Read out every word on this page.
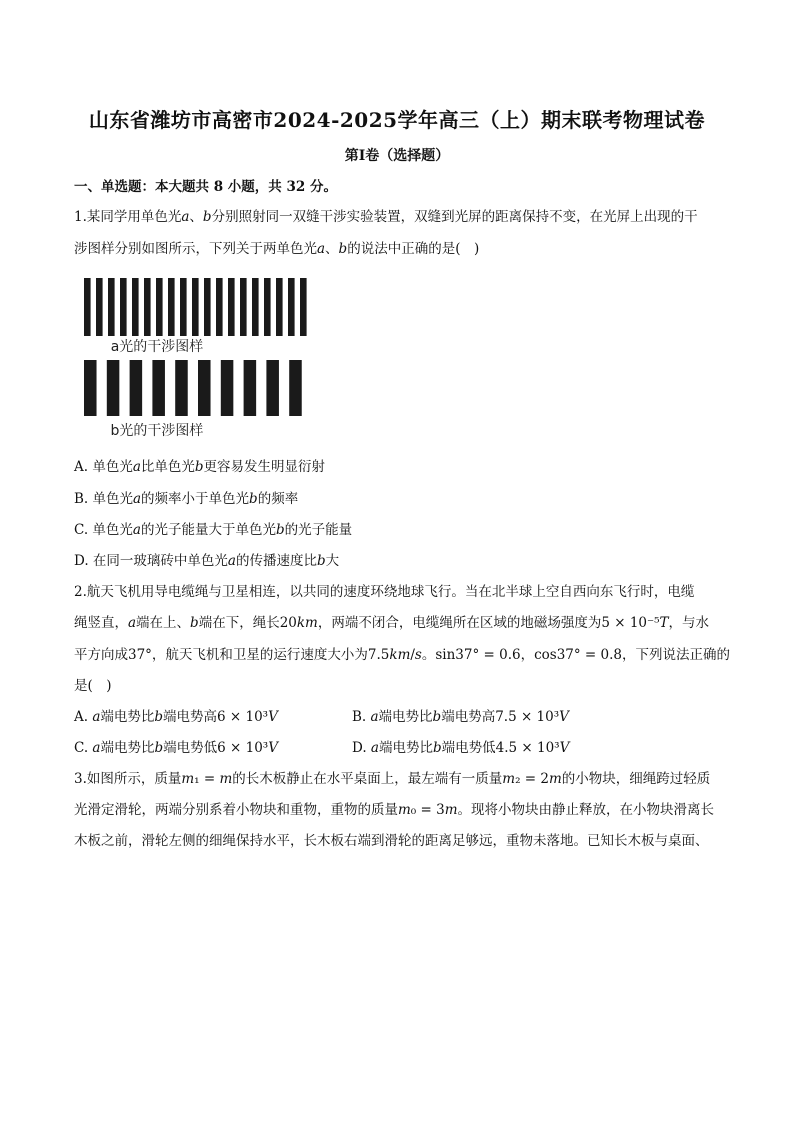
山东省潍坊市高密市2024-2025学年高三（上）期末联考物理试卷
第Ⅰ卷（选择题）
一、单选题：本大题共 8 小题，共 32 分。
1.某同学用单色光𝑎、𝑏分别照射同一双缝干涉实验装置，双缝到光屏的距离保持不变，在光屏上出现的干
涉图样分别如图所示，下列关于两单色光𝑎、𝑏的说法中正确的是(　)
a光的干涉图样
b光的干涉图样
A. 单色光𝑎比单色光𝑏更容易发生明显衍射
B. 单色光𝑎的频率小于单色光𝑏的频率
C. 单色光𝑎的光子能量大于单色光𝑏的光子能量
D. 在同一玻璃砖中单色光𝑎的传播速度比𝑏大
2.航天飞机用导电缆绳与卫星相连，以共同的速度环绕地球飞行。当在北半球上空自西向东飞行时，电缆
绳竖直，𝑎端在上、𝑏端在下，绳长20𝑘𝑚，两端不闭合，电缆绳所在区域的地磁场强度为5 × 10⁻⁵𝑇，与水
平方向成37°，航天飞机和卫星的运行速度大小为7.5𝑘𝑚/𝑠。sin37° = 0.6，cos37° = 0.8，下列说法正确的
是(　)
A. 𝑎端电势比𝑏端电势高6 × 10³𝑉	B. 𝑎端电势比𝑏端电势高7.5 × 10³𝑉
C. 𝑎端电势比𝑏端电势低6 × 10³𝑉	D. 𝑎端电势比𝑏端电势低4.5 × 10³𝑉
3.如图所示，质量𝑚₁ = 𝑚的长木板静止在水平桌面上，最左端有一质量𝑚₂ = 2𝑚的小物块，细绳跨过轻质
光滑定滑轮，两端分别系着小物块和重物，重物的质量𝑚₀ = 3𝑚。现将小物块由静止释放，在小物块滑离长
木板之前，滑轮左侧的细绳保持水平，长木板右端到滑轮的距离足够远，重物未落地。已知长木板与桌面、
